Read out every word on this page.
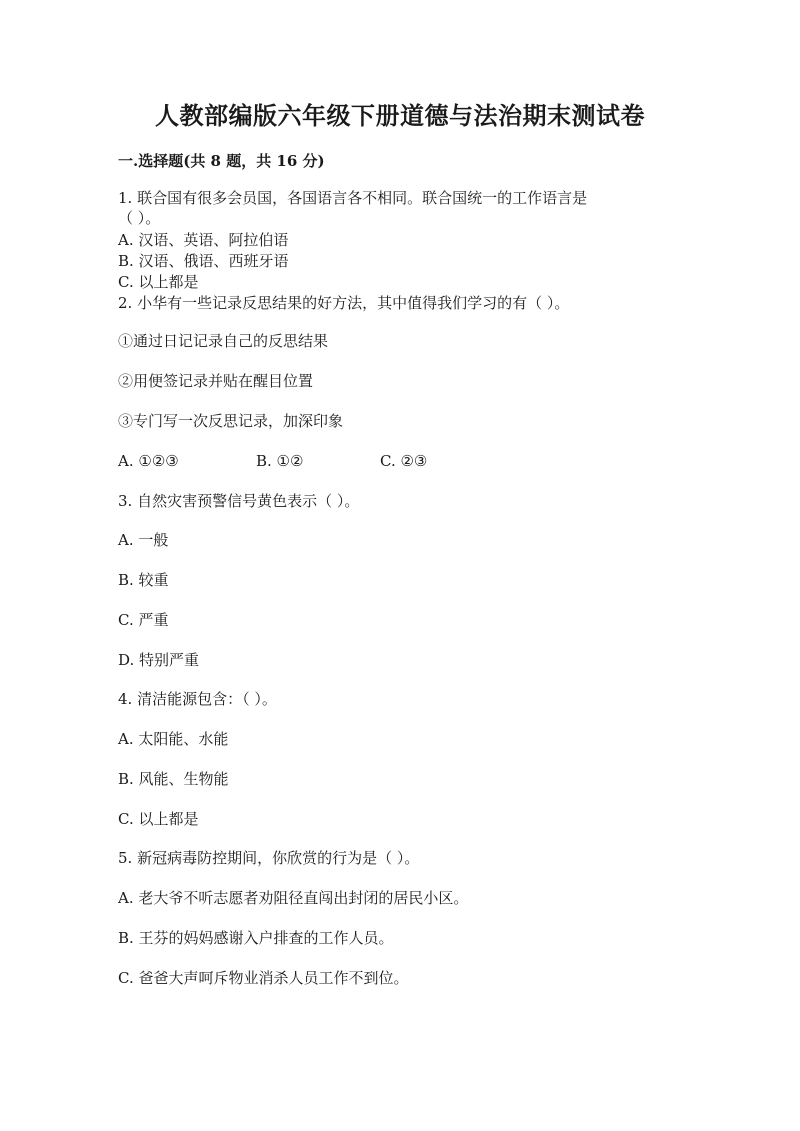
人教部编版六年级下册道德与法治期末测试卷
一.选择题(共 8 题，共 16 分)
1. 联合国有很多会员国，各国语言各不相同。联合国统一的工作语言是
（ ）。
A. 汉语、英语、阿拉伯语
B. 汉语、俄语、西班牙语
C. 以上都是
2. 小华有一些记录反思结果的好方法，其中值得我们学习的有（ ）。
①通过日记记录自己的反思结果
②用便签记录并贴在醒目位置
③专门写一次反思记录，加深印象
A. ①②③	B. ①②	C. ②③
3. 自然灾害预警信号黄色表示（ ）。
A. 一般
B. 较重
C. 严重
D. 特别严重
4. 清洁能源包含：（ ）。
A. 太阳能、水能
B. 风能、生物能
C. 以上都是
5. 新冠病毒防控期间，你欣赏的行为是（ ）。
A. 老大爷不听志愿者劝阻径直闯出封闭的居民小区。
B. 王芬的妈妈感谢入户排查的工作人员。
C. 爸爸大声呵斥物业消杀人员工作不到位。
